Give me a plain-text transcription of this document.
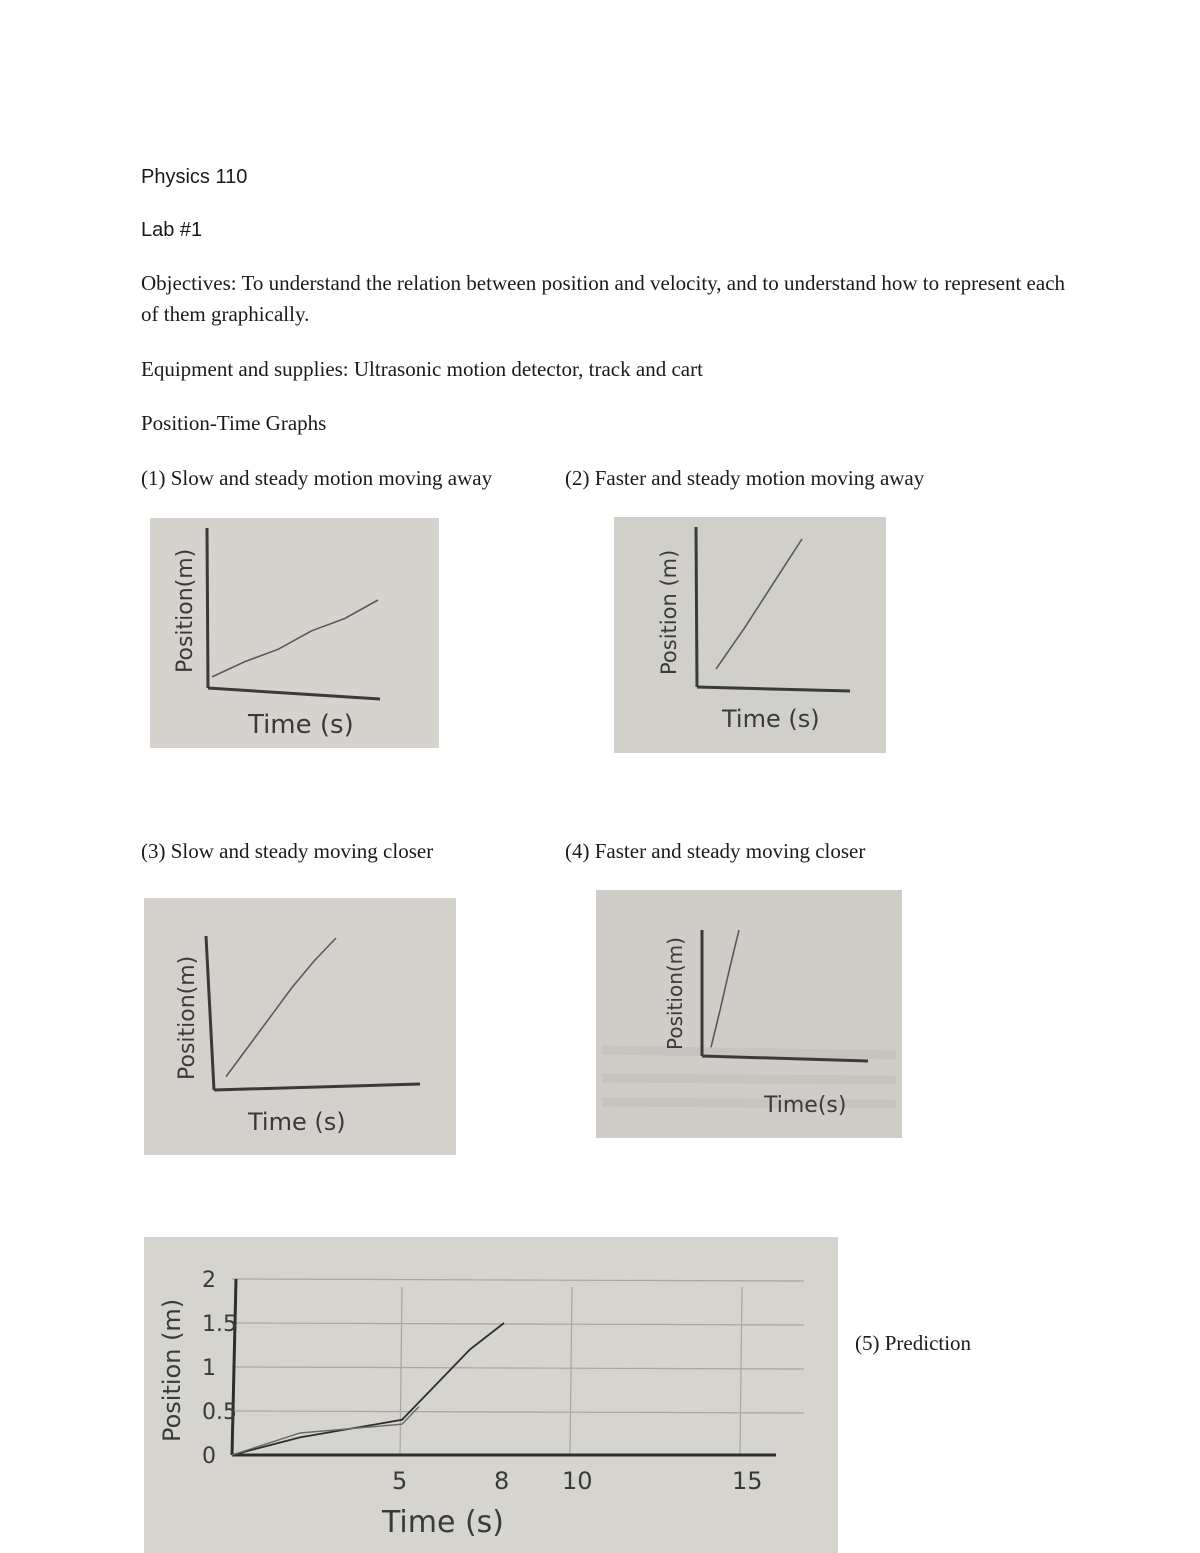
Physics 110
Lab #1
Objectives: To understand the relation between position and velocity, and to understand how to represent each of them graphically.
Equipment and supplies: Ultrasonic motion detector, track and cart
Position-Time Graphs
(1) Slow and steady motion moving away	(2) Faster and steady motion moving away
(3) Slow and steady moving closer	(4) Faster and steady moving closer
(5) Prediction
Time (s)
Position(m)
Time (s)
Position (m)
Time (s)
Position(m)
Time(s)
Position(m)
2
1.5
1
0.5
0
5	8 10	15
Time (s)
Position (m)
